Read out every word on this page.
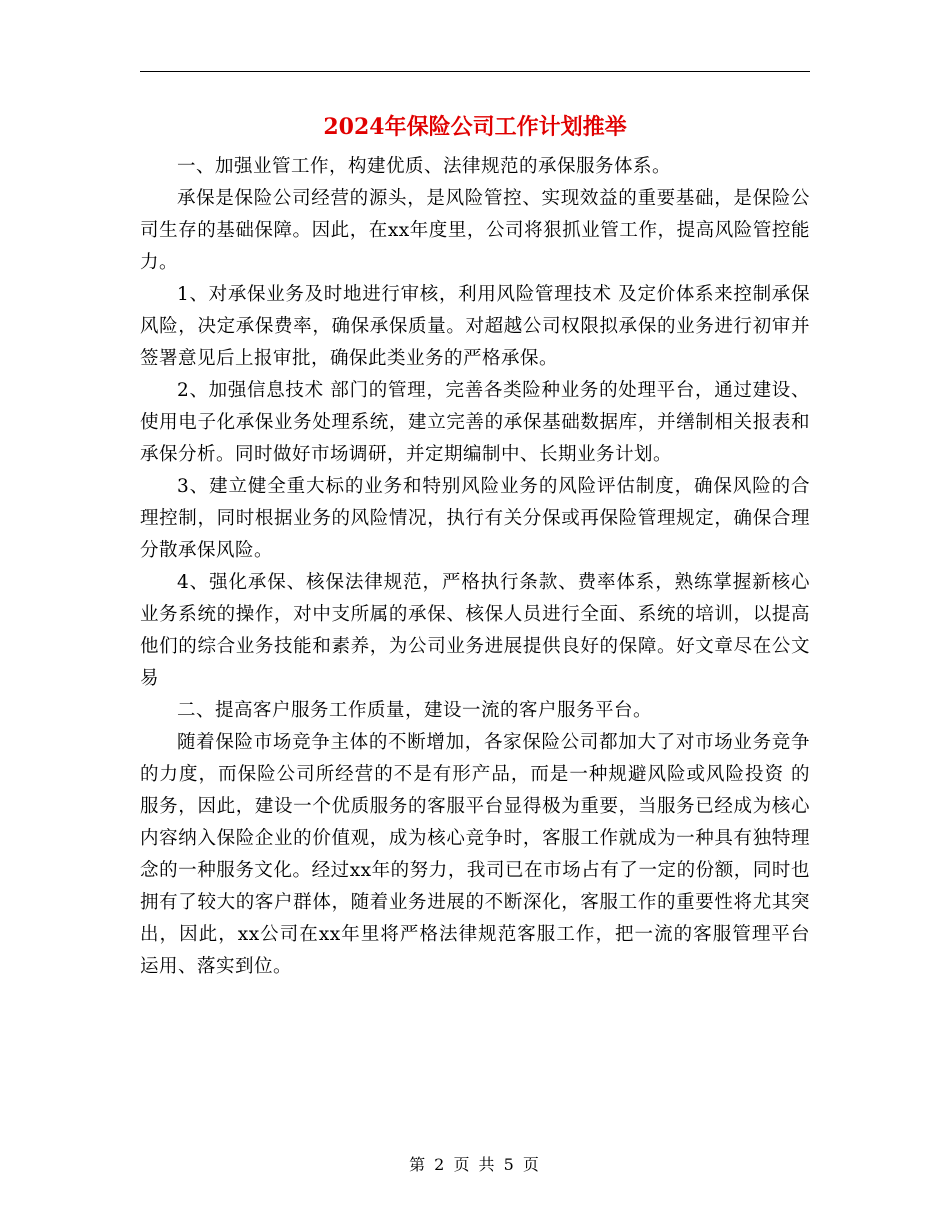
2024年保险公司工作计划推举

一、加强业管工作，构建优质、法律规范的承保服务体系。

承保是保险公司经营的源头，是风险管控、实现效益的重要基础，是保险公司生存的基础保障。因此，在xx年度里，公司将狠抓业管工作，提高风险管控能力。

1、对承保业务及时地进行审核，利用风险管理技术 及定价体系来控制承保风险，决定承保费率，确保承保质量。对超越公司权限拟承保的业务进行初审并签署意见后上报审批，确保此类业务的严格承保。

2、加强信息技术 部门的管理，完善各类险种业务的处理平台，通过建设、使用电子化承保业务处理系统，建立完善的承保基础数据库，并缮制相关报表和承保分析。同时做好市场调研，并定期编制中、长期业务计划。

3、建立健全重大标的业务和特别风险业务的风险评估制度，确保风险的合理控制，同时根据业务的风险情况，执行有关分保或再保险管理规定，确保合理分散承保风险。

4、强化承保、核保法律规范，严格执行条款、费率体系，熟练掌握新核心业务系统的操作，对中支所属的承保、核保人员进行全面、系统的培训，以提高他们的综合业务技能和素养，为公司业务进展提供良好的保障。好文章尽在公文易

二、提高客户服务工作质量，建设一流的客户服务平台。

随着保险市场竞争主体的不断增加，各家保险公司都加大了对市场业务竞争的力度，而保险公司所经营的不是有形产品，而是一种规避风险或风险投资 的服务，因此，建设一个优质服务的客服平台显得极为重要，当服务已经成为核心内容纳入保险企业的价值观，成为核心竞争时，客服工作就成为一种具有独特理念的一种服务文化。经过xx年的努力，我司已在市场占有了一定的份额，同时也拥有了较大的客户群体，随着业务进展的不断深化，客服工作的重要性将尤其突出，因此，xx公司在xx年里将严格法律规范客服工作，把一流的客服管理平台运用、落实到位。

第 2 页 共 5 页
